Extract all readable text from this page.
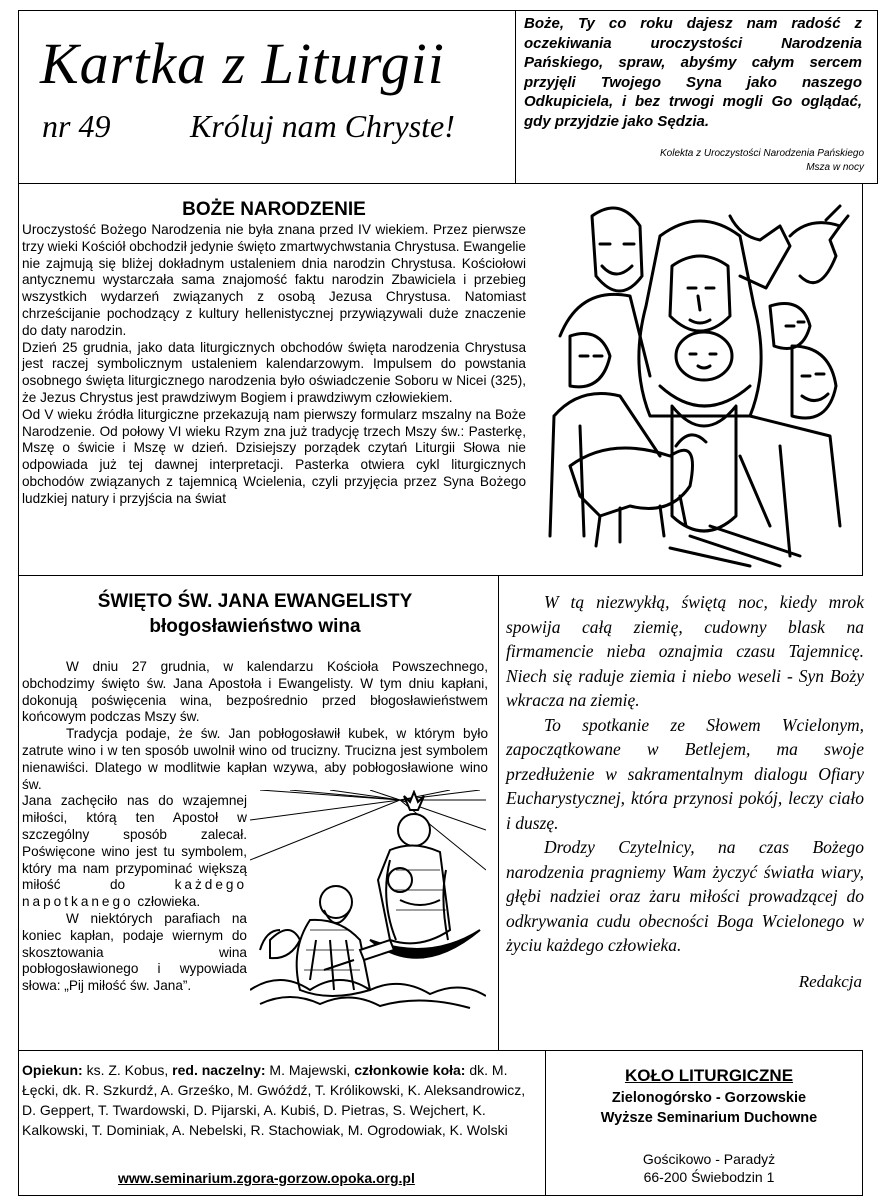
Kartka z Liturgii
nr 49 Króluj nam Chryste!
Boże, Ty co roku dajesz nam radość z oczekiwania uroczystości Narodzenia Pańskiego, spraw, abyśmy całym sercem przyjęli Twojego Syna jako naszego Odkupiciela, i bez trwogi mogli Go oglądać, gdy przyjdzie jako Sędzia.
Kolekta z Uroczystości Narodzenia Pańskiego
Msza w nocy
BOŻE NARODZENIE

Uroczystość Bożego Narodzenia nie była znana przed IV wiekiem. Przez pierwsze trzy wieki Kościół obchodził jedynie święto zmartwychwstania Chrystusa. Ewangelie nie zajmują się bliżej dokładnym ustaleniem dnia narodzin Chrystusa. Kościołowi antycznemu wystarczała sama znajomość faktu narodzin Zbawiciela i przebieg wszystkich wydarzeń związanych z osobą Jezusa Chrystusa. Natomiast chrześcijanie pochodzący z kultury hellenistycznej przywiązywali duże znaczenie do daty narodzin.

Dzień 25 grudnia, jako data liturgicznych obchodów święta narodzenia Chrystusa jest raczej symbolicznym ustaleniem kalendarzowym. Impulsem do powstania osobnego święta liturgicznego narodzenia było oświadczenie Soboru w Nicei (325), że Jezus Chrystus jest prawdziwym Bogiem i prawdziwym człowiekiem.

Od V wieku źródła liturgiczne przekazują nam pierwszy formularz mszalny na Boże Narodzenie. Od połowy VI wieku Rzym zna już tradycję trzech Mszy św.: Pasterkę, Mszę o świcie i Mszę w dzień. Dzisiejszy porządek czytań Liturgii Słowa nie odpowiada już tej dawnej interpretacji. Pasterka otwiera cykl liturgicznych obchodów związanych z tajemnicą Wcielenia, czyli przyjęcia przez Syna Bożego ludzkiej natury i przyjścia na świat

ŚWIĘTO ŚW. JANA EWANGELISTY
błogosławieństwo wina

W dniu 27 grudnia, w kalendarzu Kościoła Powszechnego, obchodzimy święto św. Jana Apostoła i Ewangelisty. W tym dniu kapłani, dokonują poświęcenia wina, bezpośrednio przed błogosławieństwem końcowym podczas Mszy św.

Tradycja podaje, że św. Jan pobłogosławił kubek, w którym było zatrute wino i w ten sposób uwolnił wino od trucizny. Trucizna jest symbolem nienawiści. Dlatego w modlitwie kapłan wzywa, aby pobłogosławione wino św.

Jana zachęciło nas do wzajemnej miłości, którą ten Apostoł w szczególny sposób zalecał. Poświęcone wino jest tu symbolem, który ma nam przypominać większą miłość do	każdego napotkanego człowieka.

W niektórych parafiach na koniec kapłan, podaje wiernym do skosztowania wina pobłogosławionego i wypowiada słowa: „Pij miłość św. Jana”.

W tą niezwykłą, świętą noc, kiedy mrok spowija całą ziemię, cudowny blask na firmamencie nieba oznajmia czasu Tajemnicę. Niech się raduje ziemia i niebo weseli - Syn Boży wkracza na ziemię.

To spotkanie ze Słowem Wcielonym, zapoczątkowane w Betlejem, ma swoje przedłużenie w sakramentalnym dialogu Ofiary Eucharystycznej, która przynosi pokój, leczy ciało i duszę.

Drodzy Czytelnicy, na czas Bożego narodzenia pragniemy Wam życzyć światła wiary, głębi nadziei oraz żaru miłości prowadzącej do odkrywania cudu obecności Boga Wcielonego w życiu każdego człowieka.

Redakcja
Opiekun: ks. Z. Kobus, red. naczelny: M. Majewski, członkowie koła: dk. M. Łęcki, dk. R. Szkurdź, A. Grześko, M. Gwóźdź, T. Królikowski, K. Aleksandrowicz, D. Geppert, T. Twardowski, D. Pijarski, A. Kubiś, D. Pietras, S. Wejchert, K. Kalkowski, T. Dominiak, A. Nebelski, R. Stachowiak, M. Ogrodowiak, K. Wolski
www.seminarium.zgora-gorzow.opoka.org.pl
KOŁO LITURGICZNE
Zielonogórsko - Gorzowskie
Wyższe Seminarium Duchowne
Gościkowo - Paradyż
66-200 Świebodzin 1
